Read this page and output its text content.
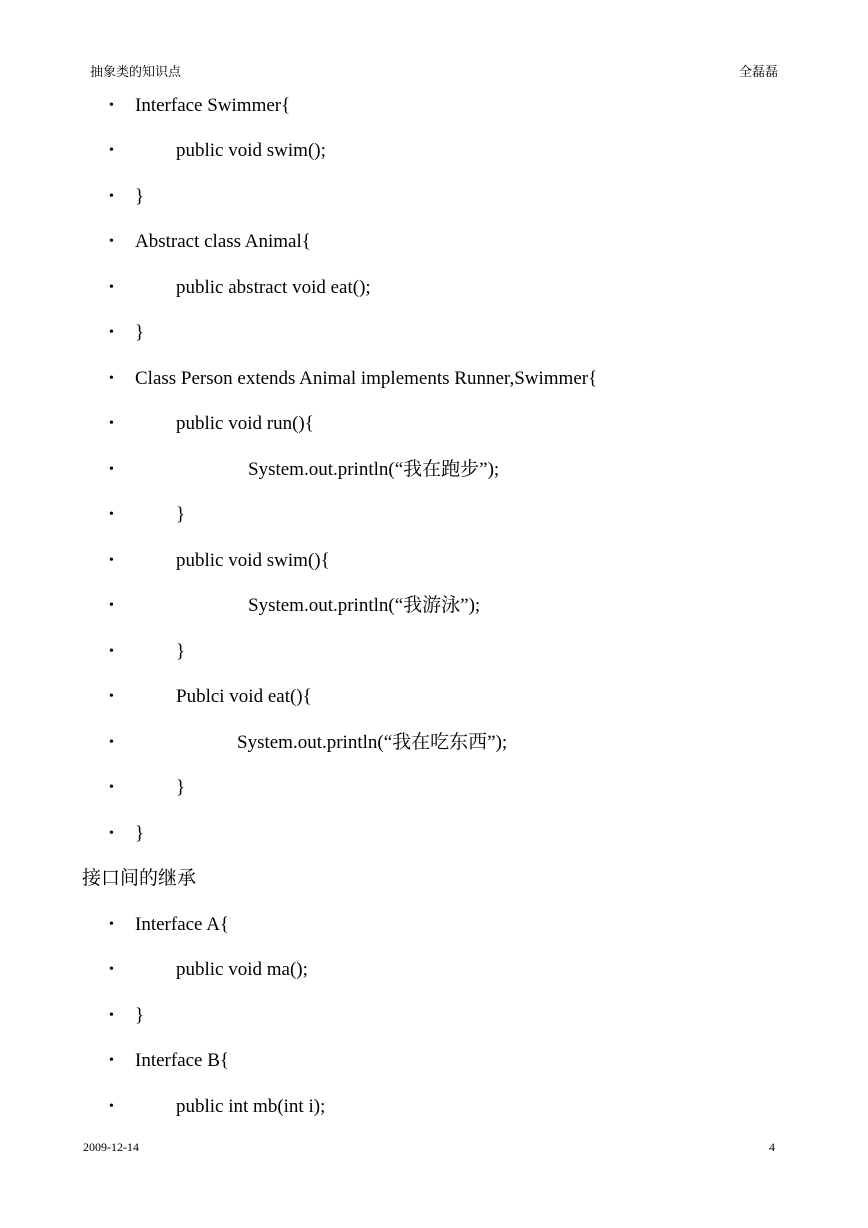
抽象类的知识点	全磊磊
• Interface Swimmer{
•	public void swim();
• }
• Abstract class Animal{
•	public abstract void eat();
• }
• Class Person extends Animal implements Runner,Swimmer{
•	public void run(){
•	System.out.println(“我在跑步”);
•	}
•	public void swim(){
•	System.out.println(“我游泳”);
•	}
•	Publci void eat(){
•	System.out.println(“我在吃东西”);
•	}
• }
接口间的继承
• Interface A{
•	public void ma();
• }
• Interface B{
•	public int mb(int i);
2009-12-14	4
